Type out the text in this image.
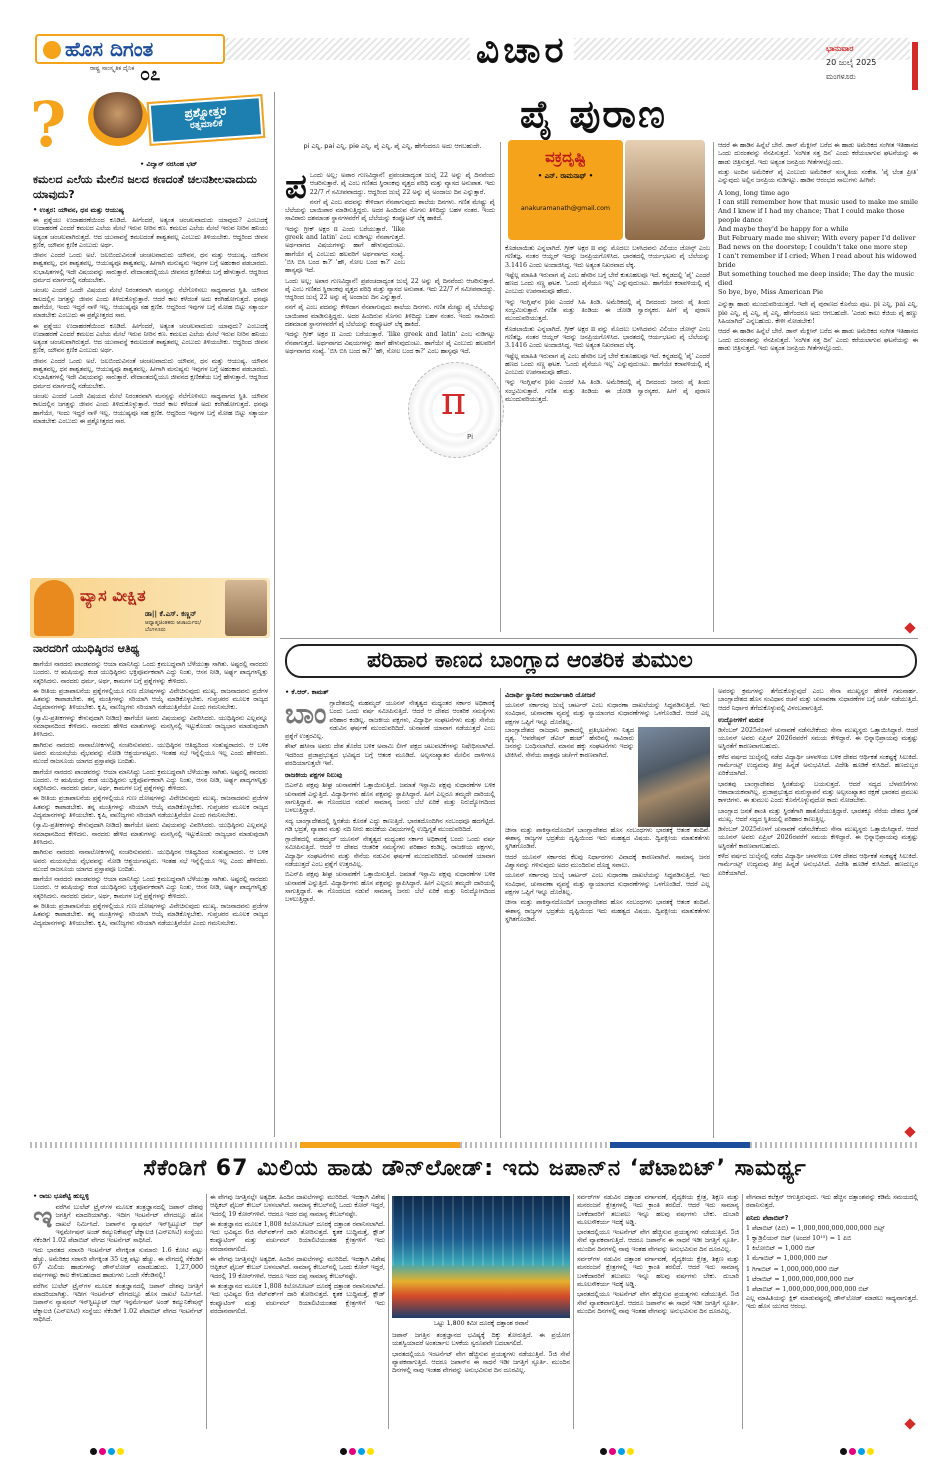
ಹೊಸ ದಿಗಂತ
ರಾಷ್ಟ್ರ ಸಾಂಸ್ಕೃತಿಕ ದೈನಿಕ ೦೭
ವಿಚಾರ	ಭಾನುವಾರ
20 ಜುಲೈ 2025
ಮಂಗಳೂರು
?	ಪ್ರಶ್ನೋತ್ತರ
ರತ್ನಮಾಲಿಕೆ
• ವಿದ್ವಾನ್ ನರಸಿಂಹ ಭಟ್
ಕಮಲದ ಎಲೆಯ ಮೇಲಿನ ಜಲದ ಕಣದಂತೆ ಚಲನಶೀಲವಾದುದು ಯಾವುದು?
• ಉತ್ತರ: ಯೌವನ, ಧನ ಮತ್ತು ಆಯುಷ್ಯ
ಈ ಪ್ರಶ್ನೆಯು ಉದಾಹರಣೆಯಿಂದ ಕೂಡಿದೆ. ಹೀಗೆಂದರೆ, ಅತ್ಯಂತ ಚಂಚಲವಾದುದು ಯಾವುದು? ಎಂಬುದಕ್ಕೆ ಉದಾಹರಣೆ ಎಂದರೆ ಕಮಲದ ಎಲೆಯ ಮೇಲೆ ಇರುವ ನೀರಿನ ಕಣ. ಕಮಲದ ಎಲೆಯ ಮೇಲೆ ಇರುವ ನೀರಿನ ಹನಿಯು ಅತ್ಯಂತ ಚಂಚಲವಾಗಿರುತ್ತದೆ. ಆದ ಯುವಾವಸ್ಥೆ ಕಮಲದಂತೆ ಶಾಶ್ವತವಲ್ಲ ಎಂಬುದು ತಿಳಿಯಬೇಕು. ಆದ್ದರಿಂದ ಜೀವನ ಕ್ಷಣಿಕ, ಯೌವನ ಕ್ಷಣಿಕ ಎಂಬುದು ಅರ್ಥ.
ಜೀವನ ಎಂದರೆ ಒಂದು ಅಲೆ. ಜಲಬಿಂದುವಿನಂತೆ ಚಂಚಲವಾದುದು ಯೌವನ, ಧನ ಮತ್ತು ಆಯುಷ್ಯ. ಯೌವನ ಶಾಶ್ವತವಲ್ಲ, ಧನ ಶಾಶ್ವತವಲ್ಲ, ಆಯುಷ್ಯವೂ ಶಾಶ್ವತವಲ್ಲ. ಹೀಗಾಗಿ ಮನುಷ್ಯನು ಇವುಗಳ ಬಗ್ಗೆ ಅಹಂಕಾರ ಪಡಬಾರದು. ಸುಭಾಷಿತಗಳಲ್ಲಿ ಇದೇ ವಿಷಯವನ್ನು ಸಾರುತ್ತಾರೆ. ವೇದಾಂತದಲ್ಲಿಯೂ ಜೀವನದ ಕ್ಷಣಿಕತೆಯ ಬಗ್ಗೆ ಹೇಳುತ್ತಾರೆ. ಆದ್ದರಿಂದ ಧರ್ಮದ ಮಾರ್ಗದಲ್ಲಿ ನಡೆಯಬೇಕು.
ಚಂಚಲ ಎಂದರೆ ಒಂದೇ ವಿಷಯದ ಮೇಲೆ ನಿರಂತರವಾಗಿ ಮನಸ್ಸನ್ನು ನೆಲೆಗೊಳಿಸಲು ಸಾಧ್ಯವಾಗದ ಸ್ಥಿತಿ. ಯೌವನ ಕಾಲದಲ್ಲಿನ ಜಗತ್ತನ್ನು ಜೀವನ ಎಂದು ತಿಳಿದುಕೊಳ್ಳುತ್ತಾರೆ. ಆದರೆ ಕಾಲ ಕಳೆದಂತೆ ಅದು ಕರಗಿಹೋಗುತ್ತದೆ. ಧನವೂ ಹಾಗೆಯೇ, ಇಂದು ಇದ್ದರೆ ನಾಳೆ ಇಲ್ಲ. ಆಯುಷ್ಯವೂ ಸಹ ಕ್ಷಣಿಕ. ಆದ್ದರಿಂದ ಇವುಗಳ ಬಗ್ಗೆ ಮೋಹ ಬಿಟ್ಟು ಸತ್ಕಾರ್ಯ ಮಾಡಬೇಕು ಎಂಬುದು ಈ ಪ್ರಶ್ನೋತ್ತರದ ಸಾರ.
ಈ ಪ್ರಶ್ನೆಯು ಉದಾಹರಣೆಯಿಂದ ಕೂಡಿದೆ. ಹೀಗೆಂದರೆ, ಅತ್ಯಂತ ಚಂಚಲವಾದುದು ಯಾವುದು? ಎಂಬುದಕ್ಕೆ ಉದಾಹರಣೆ ಎಂದರೆ ಕಮಲದ ಎಲೆಯ ಮೇಲೆ ಇರುವ ನೀರಿನ ಕಣ. ಕಮಲದ ಎಲೆಯ ಮೇಲೆ ಇರುವ ನೀರಿನ ಹನಿಯು ಅತ್ಯಂತ ಚಂಚಲವಾಗಿರುತ್ತದೆ. ಆದ ಯುವಾವಸ್ಥೆ ಕಮಲದಂತೆ ಶಾಶ್ವತವಲ್ಲ ಎಂಬುದು ತಿಳಿಯಬೇಕು. ಆದ್ದರಿಂದ ಜೀವನ ಕ್ಷಣಿಕ, ಯೌವನ ಕ್ಷಣಿಕ ಎಂಬುದು ಅರ್ಥ.
ಜೀವನ ಎಂದರೆ ಒಂದು ಅಲೆ. ಜಲಬಿಂದುವಿನಂತೆ ಚಂಚಲವಾದುದು ಯೌವನ, ಧನ ಮತ್ತು ಆಯುಷ್ಯ. ಯೌವನ ಶಾಶ್ವತವಲ್ಲ, ಧನ ಶಾಶ್ವತವಲ್ಲ, ಆಯುಷ್ಯವೂ ಶಾಶ್ವತವಲ್ಲ. ಹೀಗಾಗಿ ಮನುಷ್ಯನು ಇವುಗಳ ಬಗ್ಗೆ ಅಹಂಕಾರ ಪಡಬಾರದು. ಸುಭಾಷಿತಗಳಲ್ಲಿ ಇದೇ ವಿಷಯವನ್ನು ಸಾರುತ್ತಾರೆ. ವೇದಾಂತದಲ್ಲಿಯೂ ಜೀವನದ ಕ್ಷಣಿಕತೆಯ ಬಗ್ಗೆ ಹೇಳುತ್ತಾರೆ. ಆದ್ದರಿಂದ ಧರ್ಮದ ಮಾರ್ಗದಲ್ಲಿ ನಡೆಯಬೇಕು.
ಚಂಚಲ ಎಂದರೆ ಒಂದೇ ವಿಷಯದ ಮೇಲೆ ನಿರಂತರವಾಗಿ ಮನಸ್ಸನ್ನು ನೆಲೆಗೊಳಿಸಲು ಸಾಧ್ಯವಾಗದ ಸ್ಥಿತಿ. ಯೌವನ ಕಾಲದಲ್ಲಿನ ಜಗತ್ತನ್ನು ಜೀವನ ಎಂದು ತಿಳಿದುಕೊಳ್ಳುತ್ತಾರೆ. ಆದರೆ ಕಾಲ ಕಳೆದಂತೆ ಅದು ಕರಗಿಹೋಗುತ್ತದೆ. ಧನವೂ ಹಾಗೆಯೇ, ಇಂದು ಇದ್ದರೆ ನಾಳೆ ಇಲ್ಲ. ಆಯುಷ್ಯವೂ ಸಹ ಕ್ಷಣಿಕ. ಆದ್ದರಿಂದ ಇವುಗಳ ಬಗ್ಗೆ ಮೋಹ ಬಿಟ್ಟು ಸತ್ಕಾರ್ಯ ಮಾಡಬೇಕು ಎಂಬುದು ಈ ಪ್ರಶ್ನೋತ್ತರದ ಸಾರ.
ವ್ಯಾಸ ವೀಕ್ಷಿತ
ಡಾ|| ಕೆ.ಎಸ್. ಕಣ್ಣನ್
ಆಧ್ಯಾತ್ಮಚಿಂತಕರು ಆಚಾರ್ಯರು/ಬೆಂಗಳೂರು
ನಾರದರಿಗೆ ಯುಧಿಷ್ಠಿರನ ಆತಿಥ್ಯ
ಹಾಗೆಯೇ ನಾರದರು ಪಾಂಡವರನ್ನು ಆಯಾ ಮಾನಿಸಿದ್ದು ಒಂದು ಕ್ರಮಬದ್ಧವಾಗಿ ಬೆಳೆಯುತ್ತಾ ಸಾಗಿತು. ಅಷ್ಟರಲ್ಲಿ ನಾರದರು ಬಂದರು. ಆ ಋಷಿಯನ್ನು ಕಂಡ ಯುಧಿಷ್ಠಿರನು ಭಕ್ತಿಪೂರ್ವಕವಾಗಿ ಎದ್ದು ನಿಂತು, ಆಸನ ನೀಡಿ, ಅರ್ಘ್ಯ ಪಾದ್ಯಗಳನ್ನಿತ್ತು ಸತ್ಕರಿಸಿದನು. ನಾರದರು ಧರ್ಮ, ಅರ್ಥ, ಕಾಮಗಳ ಬಗ್ಗೆ ಪ್ರಶ್ನೆಗಳನ್ನು ಕೇಳಿದರು.
ಈ ರೀತಿಯ ಪ್ರಜಾಪಾಲನೆಯ ಪ್ರಶ್ನೆಗಳಲ್ಲಿಯೂ ಗುಣ ದೋಷಗಳನ್ನು ವಿವೇಚಿಸುವುದು ಮುಖ್ಯ. ರಾಜನಾದವನು ಪ್ರಜೆಗಳ ಹಿತವನ್ನು ಕಾಪಾಡಬೇಕು. ತನ್ನ ಮಂತ್ರಿಗಳನ್ನು ಸರಿಯಾಗಿ ಆಯ್ಕೆ ಮಾಡಿಕೊಳ್ಳಬೇಕು. ಗುಪ್ತಚರರ ಮೂಲಕ ರಾಜ್ಯದ ವಿದ್ಯಮಾನಗಳನ್ನು ತಿಳಿಯಬೇಕು. ಕೃಷಿ, ವಾಣಿಜ್ಯಗಳು ಸರಿಯಾಗಿ ನಡೆಯುತ್ತಿವೆಯೇ ಎಂದು ಗಮನಿಸಬೇಕು.
(ಸ್ವಾಮಿ-ಪ್ರತೀಕಗಳನ್ನು ಕೇಳುವುದಾಗಿ ನೀಡಿದ) ಹಾಗೆಯೇ ಅವರು ವಿಷಯವನ್ನು ವಿವರಿಸಿದರು. ಯುಧಿಷ್ಠಿರನು ಎಲ್ಲವನ್ನೂ ಸಮಾಧಾನದಿಂದ ಕೇಳಿದನು. ನಾರದರು ಹೇಳಿದ ಮಾತುಗಳನ್ನು ಮನಸ್ಸಿನಲ್ಲಿ ಇಟ್ಟುಕೊಂಡು ರಾಜ್ಯಭಾರ ಮಾಡುವುದಾಗಿ ತಿಳಿಸಿದನು.
ಹಾಗಿರುವ ನಾರದರು ನಾನಾಲೋಕಗಳಲ್ಲಿ ಸಂಚರಿಸುವವರು. ಯುಧಿಷ್ಠಿರನ ಆತಿಥ್ಯದಿಂದ ಸಂತುಷ್ಟರಾದರು. ಆ ಬಳಿಕ ಅವರು ಮಯಸಭೆಯ ವೈಭವವನ್ನು ನೋಡಿ ಆಶ್ಚರ್ಯಪಟ್ಟರು. ಇಂತಹ ಸಭೆ ಇನ್ನೆಲ್ಲಿಯೂ ಇಲ್ಲ ಎಂದು ಹೇಳಿದರು. ಮುಂದೆ ರಾಜಸೂಯ ಯಾಗದ ಪ್ರಸ್ತಾಪವೂ ಬಂದಿತು.
ಹಾಗೆಯೇ ನಾರದರು ಪಾಂಡವರನ್ನು ಆಯಾ ಮಾನಿಸಿದ್ದು ಒಂದು ಕ್ರಮಬದ್ಧವಾಗಿ ಬೆಳೆಯುತ್ತಾ ಸಾಗಿತು. ಅಷ್ಟರಲ್ಲಿ ನಾರದರು ಬಂದರು. ಆ ಋಷಿಯನ್ನು ಕಂಡ ಯುಧಿಷ್ಠಿರನು ಭಕ್ತಿಪೂರ್ವಕವಾಗಿ ಎದ್ದು ನಿಂತು, ಆಸನ ನೀಡಿ, ಅರ್ಘ್ಯ ಪಾದ್ಯಗಳನ್ನಿತ್ತು ಸತ್ಕರಿಸಿದನು. ನಾರದರು ಧರ್ಮ, ಅರ್ಥ, ಕಾಮಗಳ ಬಗ್ಗೆ ಪ್ರಶ್ನೆಗಳನ್ನು ಕೇಳಿದರು.
ಈ ರೀತಿಯ ಪ್ರಜಾಪಾಲನೆಯ ಪ್ರಶ್ನೆಗಳಲ್ಲಿಯೂ ಗುಣ ದೋಷಗಳನ್ನು ವಿವೇಚಿಸುವುದು ಮುಖ್ಯ. ರಾಜನಾದವನು ಪ್ರಜೆಗಳ ಹಿತವನ್ನು ಕಾಪಾಡಬೇಕು. ತನ್ನ ಮಂತ್ರಿಗಳನ್ನು ಸರಿಯಾಗಿ ಆಯ್ಕೆ ಮಾಡಿಕೊಳ್ಳಬೇಕು. ಗುಪ್ತಚರರ ಮೂಲಕ ರಾಜ್ಯದ ವಿದ್ಯಮಾನಗಳನ್ನು ತಿಳಿಯಬೇಕು. ಕೃಷಿ, ವಾಣಿಜ್ಯಗಳು ಸರಿಯಾಗಿ ನಡೆಯುತ್ತಿವೆಯೇ ಎಂದು ಗಮನಿಸಬೇಕು.
(ಸ್ವಾಮಿ-ಪ್ರತೀಕಗಳನ್ನು ಕೇಳುವುದಾಗಿ ನೀಡಿದ) ಹಾಗೆಯೇ ಅವರು ವಿಷಯವನ್ನು ವಿವರಿಸಿದರು. ಯುಧಿಷ್ಠಿರನು ಎಲ್ಲವನ್ನೂ ಸಮಾಧಾನದಿಂದ ಕೇಳಿದನು. ನಾರದರು ಹೇಳಿದ ಮಾತುಗಳನ್ನು ಮನಸ್ಸಿನಲ್ಲಿ ಇಟ್ಟುಕೊಂಡು ರಾಜ್ಯಭಾರ ಮಾಡುವುದಾಗಿ ತಿಳಿಸಿದನು.
ಹಾಗಿರುವ ನಾರದರು ನಾನಾಲೋಕಗಳಲ್ಲಿ ಸಂಚರಿಸುವವರು. ಯುಧಿಷ್ಠಿರನ ಆತಿಥ್ಯದಿಂದ ಸಂತುಷ್ಟರಾದರು. ಆ ಬಳಿಕ ಅವರು ಮಯಸಭೆಯ ವೈಭವವನ್ನು ನೋಡಿ ಆಶ್ಚರ್ಯಪಟ್ಟರು. ಇಂತಹ ಸಭೆ ಇನ್ನೆಲ್ಲಿಯೂ ಇಲ್ಲ ಎಂದು ಹೇಳಿದರು. ಮುಂದೆ ರಾಜಸೂಯ ಯಾಗದ ಪ್ರಸ್ತಾಪವೂ ಬಂದಿತು.
ಹಾಗೆಯೇ ನಾರದರು ಪಾಂಡವರನ್ನು ಆಯಾ ಮಾನಿಸಿದ್ದು ಒಂದು ಕ್ರಮಬದ್ಧವಾಗಿ ಬೆಳೆಯುತ್ತಾ ಸಾಗಿತು. ಅಷ್ಟರಲ್ಲಿ ನಾರದರು ಬಂದರು. ಆ ಋಷಿಯನ್ನು ಕಂಡ ಯುಧಿಷ್ಠಿರನು ಭಕ್ತಿಪೂರ್ವಕವಾಗಿ ಎದ್ದು ನಿಂತು, ಆಸನ ನೀಡಿ, ಅರ್ಘ್ಯ ಪಾದ್ಯಗಳನ್ನಿತ್ತು ಸತ್ಕರಿಸಿದನು. ನಾರದರು ಧರ್ಮ, ಅರ್ಥ, ಕಾಮಗಳ ಬಗ್ಗೆ ಪ್ರಶ್ನೆಗಳನ್ನು ಕೇಳಿದರು.
ಈ ರೀತಿಯ ಪ್ರಜಾಪಾಲನೆಯ ಪ್ರಶ್ನೆಗಳಲ್ಲಿಯೂ ಗುಣ ದೋಷಗಳನ್ನು ವಿವೇಚಿಸುವುದು ಮುಖ್ಯ. ರಾಜನಾದವನು ಪ್ರಜೆಗಳ ಹಿತವನ್ನು ಕಾಪಾಡಬೇಕು. ತನ್ನ ಮಂತ್ರಿಗಳನ್ನು ಸರಿಯಾಗಿ ಆಯ್ಕೆ ಮಾಡಿಕೊಳ್ಳಬೇಕು. ಗುಪ್ತಚರರ ಮೂಲಕ ರಾಜ್ಯದ ವಿದ್ಯಮಾನಗಳನ್ನು ತಿಳಿಯಬೇಕು. ಕೃಷಿ, ವಾಣಿಜ್ಯಗಳು ಸರಿಯಾಗಿ ನಡೆಯುತ್ತಿವೆಯೇ ಎಂದು ಗಮನಿಸಬೇಕು.
ಪೈ ಪುರಾಣ
pi ಎನ್ನಿ, pai ಎನ್ನಿ, pie ಎನ್ನಿ, ಪೈ ಎನ್ನಿ, ಪೈ ಎನ್ನಿ, ಹೇಗೆಂದರೂ ಅದು ಆಗಬಹುದೇ.
ವಕ್ರದೃಷ್ಟಿ
• ಎನ್. ರಾಮನಾಥ್ •
anakuramanath@gmail.com
ಪ ಒಂದು ಅಲ್ಲ; ಅಪಾರ ಗುಣವಿದ್ದಾನೆ! ಪ್ರಪಂಚದಾದ್ಯಂತ ಜುಲೈ 22 ಅನ್ನು ಪೈ ದಿನವೆಂದು ಆಚರಿಸುತ್ತಾರೆ. ಪೈ ಎಂಬ ಗಣಿತದ ಸ್ಥಿರಾಂಕವು ವೃತ್ತದ ಪರಿಧಿ ಮತ್ತು ವ್ಯಾಸದ ಅನುಪಾತ. ಇದು 22/7 ಗೆ ಸಮೀಪವಾದದ್ದು. ಆದ್ದರಿಂದ ಜುಲೈ 22 ಅನ್ನು ಪೈ ಅಂದಾಜು ದಿನ ಎನ್ನುತ್ತಾರೆ.
ನನಗೆ ಪೈ ಎಂಬ ಪದವನ್ನು ಕೇಳಿದಾಗ ನೆನಪಾಗುವುದು ಶಾಲೆಯ ದಿನಗಳು. ಗಣಿತ ಮೇಷ್ಟ್ರು ಪೈ ಬೆಲೆಯನ್ನು ಬಾಯಿಪಾಠ ಮಾಡಿಸುತ್ತಿದ್ದರು. ಅದರ ಹಿಂದಿರುವ ಸೊಗಸು ತಿಳಿದಿದ್ದು ಬಹಳ ನಂತರ. ಇಂದು ಸಾವಿರಾರು ದಶಮಾಂಶ ಸ್ಥಾನಗಳವರೆಗೆ ಪೈ ಬೆಲೆಯನ್ನು ಕಂಪ್ಯೂಟರ್ ಲೆಕ್ಕ ಹಾಕಿದೆ.
ಇದನ್ನು ಗ್ರೀಕ್ ಅಕ್ಷರ π ಎಂದು ಬರೆಯುತ್ತಾರೆ. 'like greek and latin' ಎಂಬ ನುಡಿಗಟ್ಟು ನೆನಪಾಗುತ್ತದೆ. ಅರ್ಥವಾಗದ ವಿಷಯಗಳನ್ನು ಹಾಗೆ ಹೇಳುವುದುಂಟು. ಹಾಗೆಯೇ ಪೈ ಎಂಬುದು ಹಲವರಿಗೆ ಅರ್ಥವಾಗದ ಸಂಖ್ಯೆ. 'ಬಿಸಿ ಬಿಸಿ ಬಂದ ಕಾ?' 'ಹೌ, ಸೋಲ ಬಂದ ಕಾ?' ಎಂಬ ಹಾಸ್ಯವೂ ಇದೆ.
ಒಂದು ಅಲ್ಲ; ಅಪಾರ ಗುಣವಿದ್ದಾನೆ! ಪ್ರಪಂಚದಾದ್ಯಂತ ಜುಲೈ 22 ಅನ್ನು ಪೈ ದಿನವೆಂದು ಆಚರಿಸುತ್ತಾರೆ. ಪೈ ಎಂಬ ಗಣಿತದ ಸ್ಥಿರಾಂಕವು ವೃತ್ತದ ಪರಿಧಿ ಮತ್ತು ವ್ಯಾಸದ ಅನುಪಾತ. ಇದು 22/7 ಗೆ ಸಮೀಪವಾದದ್ದು. ಆದ್ದರಿಂದ ಜುಲೈ 22 ಅನ್ನು ಪೈ ಅಂದಾಜು ದಿನ ಎನ್ನುತ್ತಾರೆ.
ನನಗೆ ಪೈ ಎಂಬ ಪದವನ್ನು ಕೇಳಿದಾಗ ನೆನಪಾಗುವುದು ಶಾಲೆಯ ದಿನಗಳು. ಗಣಿತ ಮೇಷ್ಟ್ರು ಪೈ ಬೆಲೆಯನ್ನು ಬಾಯಿಪಾಠ ಮಾಡಿಸುತ್ತಿದ್ದರು. ಅದರ ಹಿಂದಿರುವ ಸೊಗಸು ತಿಳಿದಿದ್ದು ಬಹಳ ನಂತರ. ಇಂದು ಸಾವಿರಾರು ದಶಮಾಂಶ ಸ್ಥಾನಗಳವರೆಗೆ ಪೈ ಬೆಲೆಯನ್ನು ಕಂಪ್ಯೂಟರ್ ಲೆಕ್ಕ ಹಾಕಿದೆ.
ಇದನ್ನು ಗ್ರೀಕ್ ಅಕ್ಷರ π ಎಂದು ಬರೆಯುತ್ತಾರೆ. 'like greek and latin' ಎಂಬ ನುಡಿಗಟ್ಟು ನೆನಪಾಗುತ್ತದೆ. ಅರ್ಥವಾಗದ ವಿಷಯಗಳನ್ನು ಹಾಗೆ ಹೇಳುವುದುಂಟು. ಹಾಗೆಯೇ ಪೈ ಎಂಬುದು ಹಲವರಿಗೆ ಅರ್ಥವಾಗದ ಸಂಖ್ಯೆ. 'ಬಿಸಿ ಬಿಸಿ ಬಂದ ಕಾ?' 'ಹೌ, ಸೋಲ ಬಂದ ಕಾ?' ಎಂಬ ಹಾಸ್ಯವೂ ಇದೆ.
π
Pi
ಕೊಡಲಾಯಿತು ಎನ್ನಲಾಗಿದೆ. ಗ್ರೀಕ್ ಅಕ್ಷರ π ವನ್ನು ಮೊದಲು ಬಳಸಿದವನು ವಿಲಿಯಂ ಜೋನ್ಸ್ ಎಂಬ ಗಣಿತಜ್ಞ. ನಂತರ ಆಯ್ಲರ್ ಇದನ್ನು ಜನಪ್ರಿಯಗೊಳಿಸಿದ. ಭಾರತದಲ್ಲಿ ಆರ್ಯಭಟನು ಪೈ ಬೆಲೆಯನ್ನು 3.1416 ಎಂದು ಅಂದಾಜಿಸಿದ್ದ. ಇದು ಅತ್ಯಂತ ನಿಖರವಾದ ಲೆಕ್ಕ.
ಇಷ್ಟೆಲ್ಲ ಮಾಹಿತಿ ಇರುವಾಗ ಪೈ ಎಂಬ ಹೆಸರಿನ ಬಗ್ಗೆ ಬೇರೆ ಕುತೂಹಲವೂ ಇದೆ. ಕನ್ನಡದಲ್ಲಿ 'ಪೈ' ಎಂದರೆ ಹಣದ ಒಂದು ಸಣ್ಣ ಘಟಕ. 'ಒಂದು ಪೈಸೆಯೂ ಇಲ್ಲ' ಎನ್ನುವುದುಂಟು. ಹಾಗೆಯೇ ಕರಾವಳಿಯಲ್ಲಿ ಪೈ ಎಂಬುದು ಉಪನಾಮವೂ ಹೌದು.
ಇನ್ನು ಇಂಗ್ಲಿಷ್‌ನ pie ಎಂದರೆ ಸಿಹಿ ತಿಂಡಿ. ಅಮೆರಿಕದಲ್ಲಿ ಪೈ ದಿನದಂದು ಜನರು ಪೈ ತಿಂದು ಸಂಭ್ರಮಿಸುತ್ತಾರೆ. ಗಣಿತ ಮತ್ತು ತಿಂಡಿಯ ಈ ಜೋಡಿ ಸ್ವಾರಸ್ಯಕರ. ಹೀಗೆ ಪೈ ಪುರಾಣ ಮುಂದುವರಿಯುತ್ತದೆ.
ಕೊಡಲಾಯಿತು ಎನ್ನಲಾಗಿದೆ. ಗ್ರೀಕ್ ಅಕ್ಷರ π ವನ್ನು ಮೊದಲು ಬಳಸಿದವನು ವಿಲಿಯಂ ಜೋನ್ಸ್ ಎಂಬ ಗಣಿತಜ್ಞ. ನಂತರ ಆಯ್ಲರ್ ಇದನ್ನು ಜನಪ್ರಿಯಗೊಳಿಸಿದ. ಭಾರತದಲ್ಲಿ ಆರ್ಯಭಟನು ಪೈ ಬೆಲೆಯನ್ನು 3.1416 ಎಂದು ಅಂದಾಜಿಸಿದ್ದ. ಇದು ಅತ್ಯಂತ ನಿಖರವಾದ ಲೆಕ್ಕ.
ಇಷ್ಟೆಲ್ಲ ಮಾಹಿತಿ ಇರುವಾಗ ಪೈ ಎಂಬ ಹೆಸರಿನ ಬಗ್ಗೆ ಬೇರೆ ಕುತೂಹಲವೂ ಇದೆ. ಕನ್ನಡದಲ್ಲಿ 'ಪೈ' ಎಂದರೆ ಹಣದ ಒಂದು ಸಣ್ಣ ಘಟಕ. 'ಒಂದು ಪೈಸೆಯೂ ಇಲ್ಲ' ಎನ್ನುವುದುಂಟು. ಹಾಗೆಯೇ ಕರಾವಳಿಯಲ್ಲಿ ಪೈ ಎಂಬುದು ಉಪನಾಮವೂ ಹೌದು.
ಇನ್ನು ಇಂಗ್ಲಿಷ್‌ನ pie ಎಂದರೆ ಸಿಹಿ ತಿಂಡಿ. ಅಮೆರಿಕದಲ್ಲಿ ಪೈ ದಿನದಂದು ಜನರು ಪೈ ತಿಂದು ಸಂಭ್ರಮಿಸುತ್ತಾರೆ. ಗಣಿತ ಮತ್ತು ತಿಂಡಿಯ ಈ ಜೋಡಿ ಸ್ವಾರಸ್ಯಕರ. ಹೀಗೆ ಪೈ ಪುರಾಣ ಮುಂದುವರಿಯುತ್ತದೆ.
ಆದರೆ ಈ ಹಾಡಿನ ಹಿನ್ನೆಲೆ ಬೇರೆ. ಡಾನ್ ಮೆಕ್ಲೀನ್ ಬರೆದ ಈ ಹಾಡು ಅಮೆರಿಕದ ಸಂಗೀತ ಇತಿಹಾಸದ ಒಂದು ದುರಂತವನ್ನು ನೆನಪಿಸುತ್ತದೆ. 'ಸಂಗೀತ ಸತ್ತ ದಿನ' ಎಂದು ಕರೆಯಲಾಗುವ ಘಟನೆಯನ್ನು ಈ ಹಾಡು ಚಿತ್ರಿಸುತ್ತದೆ. ಇದು ಅತ್ಯಂತ ಜನಪ್ರಿಯ ಗೀತೆಗಳಲ್ಲೊಂದು.
ಮತ್ತು ಅಂದಿನ ಅಮೆರಿಕನ್ ಪೈ ಎಂಬುದು ಅಮೆರಿಕನ್ ಸಂಸ್ಕೃತಿಯ ಸಂಕೇತ. 'ಪೈ ಬೆಂತ ಪ್ರೀತಿ' ಎನ್ನುವುದು ಅಲ್ಲಿನ ಜನಪ್ರಿಯ ನುಡಿಗಟ್ಟು. ಹಾಡಿನ ಆರಂಭದ ಸಾಲುಗಳು ಹೀಗಿವೆ:
A long, long time ago
I can still remember how that music used to make me smile
And I knew if I had my chance; That I could make those people dance
And maybe they'd be happy for a while
But February made me shiver; With every paper I'd deliver
Bad news on the doorstep; I couldn't take one more step
I can't remember if I cried; When I read about his widowed bride
But something touched me deep inside; The day the music died
So bye, bye, Miss American Pie
ಎನ್ನುತ್ತಾ ಹಾಡು ಮುಂದುವರಿಯುತ್ತದೆ. ಇದೇ ಪೈ ಪುರಾಣದ ಕೊನೆಯ ಪುಟ. pi ಎನ್ನಿ, pai ಎನ್ನಿ, pie ಎನ್ನಿ, ಪೈ ಎನ್ನಿ, ಪೈ ಎನ್ನಿ, ಹೇಗೆಂದರೂ ಅದು ಆಗಬಹುದೇ. 'ಎರಡು ಕಾಲು ಕೆಜಿಯ ಪೈ ಹಣ್ಣು ಸಿಹಿಯಾಗಿದೆ' ಎನ್ನಬಹುದು. ಕೇಳೀ ನೋಡಬೇಕು!
ಆದರೆ ಈ ಹಾಡಿನ ಹಿನ್ನೆಲೆ ಬೇರೆ. ಡಾನ್ ಮೆಕ್ಲೀನ್ ಬರೆದ ಈ ಹಾಡು ಅಮೆರಿಕದ ಸಂಗೀತ ಇತಿಹಾಸದ ಒಂದು ದುರಂತವನ್ನು ನೆನಪಿಸುತ್ತದೆ. 'ಸಂಗೀತ ಸತ್ತ ದಿನ' ಎಂದು ಕರೆಯಲಾಗುವ ಘಟನೆಯನ್ನು ಈ ಹಾಡು ಚಿತ್ರಿಸುತ್ತದೆ. ಇದು ಅತ್ಯಂತ ಜನಪ್ರಿಯ ಗೀತೆಗಳಲ್ಲೊಂದು.
ಪರಿಹಾರ ಕಾಣದ ಬಾಂಗ್ಲಾದ ಆಂತರಿಕ ತುಮುಲ
• ಕೆ.ಆರ್. ಕಾಮತ್
ಬಾಂ ಗ್ಲಾದೇಶದಲ್ಲಿ ಮಹಮ್ಮದ್ ಯೂನಸ್ ನೇತೃತ್ವದ ಮಧ್ಯಂತರ ಸರ್ಕಾರ ಅಧಿಕಾರಕ್ಕೆ ಬಂದು ಒಂದು ವರ್ಷ ಸಮೀಪಿಸುತ್ತಿದೆ. ಆದರೆ ಆ ದೇಶದ ಆಂತರಿಕ ಸಮಸ್ಯೆಗಳು ಪರಿಹಾರ ಕಂಡಿಲ್ಲ. ರಾಜಕೀಯ ಪಕ್ಷಗಳು, ವಿದ್ಯಾರ್ಥಿ ಸಂಘಟನೆಗಳು ಮತ್ತು ಸೇನೆಯ ನಡುವಿನ ಘರ್ಷಣೆ ಮುಂದುವರಿದಿದೆ. ಚುನಾವಣೆ ಯಾವಾಗ ನಡೆಯುತ್ತದೆ ಎಂಬ ಪ್ರಶ್ನೆಗೆ ಉತ್ತರವಿಲ್ಲ.
ಶೇಖ್ ಹಸೀನಾ ಅವರು ದೇಶ ತೊರೆದ ಬಳಿಕ ಅವಾಮಿ ಲೀಗ್ ಪಕ್ಷದ ಚಟುವಟಿಕೆಗಳನ್ನು ನಿಷೇಧಿಸಲಾಗಿದೆ. ಇದರಿಂದ ಪ್ರಜಾಪ್ರಭುತ್ವದ ಭವಿಷ್ಯದ ಬಗ್ಗೆ ಆತಂಕ ಮೂಡಿದೆ. ಅಲ್ಪಸಂಖ್ಯಾತರ ಮೇಲಿನ ದಾಳಿಗಳೂ ವರದಿಯಾಗುತ್ತಲೇ ಇವೆ.
ರಾಜಕೀಯ ಪಕ್ಷಗಳ ನಿಲುವು
ಬಿಎನ್‌ಪಿ ಪಕ್ಷವು ಶೀಘ್ರ ಚುನಾವಣೆಗೆ ಒತ್ತಾಯಿಸುತ್ತಿದೆ. ಜಮಾತೆ ಇಸ್ಲಾಮಿ ಪಕ್ಷವು ಸುಧಾರಣೆಗಳ ಬಳಿಕ ಚುನಾವಣೆ ಎನ್ನುತ್ತಿದೆ. ವಿದ್ಯಾರ್ಥಿಗಳು ಹೊಸ ಪಕ್ಷವನ್ನು ಸ್ಥಾಪಿಸಿದ್ದಾರೆ. ಹೀಗೆ ಎಲ್ಲರೂ ತಮ್ಮದೇ ದಾರಿಯಲ್ಲಿ ಸಾಗುತ್ತಿದ್ದಾರೆ. ಈ ಗೊಂದಲದ ನಡುವೆ ಸಾಮಾನ್ಯ ಜನರು ಬೆಲೆ ಏರಿಕೆ ಮತ್ತು ನಿರುದ್ಯೋಗದಿಂದ ಬಳಲುತ್ತಿದ್ದಾರೆ.
ಸದ್ಯ ಬಾಂಗ್ಲಾದೇಶದಲ್ಲಿ ಸ್ಥಿರತೆಯ ಕೊರತೆ ಎದ್ದು ಕಾಣುತ್ತಿದೆ. ಭಾರತದೊಂದಿಗಿನ ಸಂಬಂಧವೂ ಹದಗೆಟ್ಟಿದೆ. ಗಡಿ ಭದ್ರತೆ, ವ್ಯಾಪಾರ ಮತ್ತು ನದಿ ನೀರು ಹಂಚಿಕೆಯ ವಿಷಯಗಳಲ್ಲಿ ಉದ್ವಿಗ್ನತೆ ಮುಂದುವರಿದಿದೆ.
ಗ್ಲಾದೇಶದಲ್ಲಿ ಮಹಮ್ಮದ್ ಯೂನಸ್ ನೇತೃತ್ವದ ಮಧ್ಯಂತರ ಸರ್ಕಾರ ಅಧಿಕಾರಕ್ಕೆ ಬಂದು ಒಂದು ವರ್ಷ ಸಮೀಪಿಸುತ್ತಿದೆ. ಆದರೆ ಆ ದೇಶದ ಆಂತರಿಕ ಸಮಸ್ಯೆಗಳು ಪರಿಹಾರ ಕಂಡಿಲ್ಲ. ರಾಜಕೀಯ ಪಕ್ಷಗಳು, ವಿದ್ಯಾರ್ಥಿ ಸಂಘಟನೆಗಳು ಮತ್ತು ಸೇನೆಯ ನಡುವಿನ ಘರ್ಷಣೆ ಮುಂದುವರಿದಿದೆ. ಚುನಾವಣೆ ಯಾವಾಗ ನಡೆಯುತ್ತದೆ ಎಂಬ ಪ್ರಶ್ನೆಗೆ ಉತ್ತರವಿಲ್ಲ.
ಬಿಎನ್‌ಪಿ ಪಕ್ಷವು ಶೀಘ್ರ ಚುನಾವಣೆಗೆ ಒತ್ತಾಯಿಸುತ್ತಿದೆ. ಜಮಾತೆ ಇಸ್ಲಾಮಿ ಪಕ್ಷವು ಸುಧಾರಣೆಗಳ ಬಳಿಕ ಚುನಾವಣೆ ಎನ್ನುತ್ತಿದೆ. ವಿದ್ಯಾರ್ಥಿಗಳು ಹೊಸ ಪಕ್ಷವನ್ನು ಸ್ಥಾಪಿಸಿದ್ದಾರೆ. ಹೀಗೆ ಎಲ್ಲರೂ ತಮ್ಮದೇ ದಾರಿಯಲ್ಲಿ ಸಾಗುತ್ತಿದ್ದಾರೆ. ಈ ಗೊಂದಲದ ನಡುವೆ ಸಾಮಾನ್ಯ ಜನರು ಬೆಲೆ ಏರಿಕೆ ಮತ್ತು ನಿರುದ್ಯೋಗದಿಂದ ಬಳಲುತ್ತಿದ್ದಾರೆ.
ವಿದಾರ್ಥಿ ಸ್ಥಾನಿಕರ ಕಾರ್ಯಾಚಾರಿ ಯೋಜನೆ
ಯೂನಸ್ ಸರ್ಕಾರವು ಜುಲೈ ಚಾರ್ಟರ್ ಎಂಬ ಸುಧಾರಣಾ ದಾಖಲೆಯನ್ನು ಸಿದ್ಧಪಡಿಸುತ್ತಿದೆ. ಇದು ಸಂವಿಧಾನ, ಚುನಾವಣಾ ವ್ಯವಸ್ಥೆ ಮತ್ತು ನ್ಯಾಯಾಂಗದ ಸುಧಾರಣೆಗಳನ್ನು ಒಳಗೊಂಡಿದೆ. ಆದರೆ ಎಲ್ಲ ಪಕ್ಷಗಳ ಒಪ್ಪಿಗೆ ಇನ್ನೂ ದೊರೆತಿಲ್ಲ.
ಬಾಂಗ್ಲಾದೇಶದ ರಾಜಧಾನಿ ಢಾಕಾದಲ್ಲಿ ಪ್ರತಿಭಟನೆಗಳು ನಿತ್ಯದ ದೃಶ್ಯ. 'ಆಪರೇಷನ್ ಡೆವಿಲ್ ಹಂಟ್' ಹೆಸರಿನಲ್ಲಿ ಸಾವಿರಾರು ಜನರನ್ನು ಬಂಧಿಸಲಾಗಿದೆ. ಮಾನವ ಹಕ್ಕು ಸಂಘಟನೆಗಳು ಇದನ್ನು ಟೀಕಿಸಿವೆ. ಸೇನೆಯ ಪಾತ್ರವೂ ಚರ್ಚೆಗೆ ಕಾರಣವಾಗಿದೆ.
ಚೀನಾ ಮತ್ತು ಪಾಕಿಸ್ತಾನದೊಂದಿಗೆ ಬಾಂಗ್ಲಾದೇಶದ ಹೊಸ ಸಂಬಂಧಗಳು ಭಾರತಕ್ಕೆ ಆತಂಕ ತಂದಿವೆ. ಈಶಾನ್ಯ ರಾಜ್ಯಗಳ ಭದ್ರತೆಯ ದೃಷ್ಟಿಯಿಂದ ಇದು ಮಹತ್ವದ ವಿಷಯ. ದ್ವಿಪಕ್ಷೀಯ ಮಾತುಕತೆಗಳು ಸ್ಥಗಿತಗೊಂಡಿವೆ.
ಆದರೆ ಯೂನಸ್ ಸರ್ಕಾರದ ಕೆಲವು ನಿರ್ಧಾರಗಳು ವಿವಾದಕ್ಕೆ ಕಾರಣವಾಗಿವೆ. ಸಾಮಾನ್ಯ ಜನರ ವಿಶ್ವಾಸವನ್ನು ಗಳಿಸುವುದು ಅದರ ಮುಂದಿರುವ ದೊಡ್ಡ ಸವಾಲು.
ಯೂನಸ್ ಸರ್ಕಾರವು ಜುಲೈ ಚಾರ್ಟರ್ ಎಂಬ ಸುಧಾರಣಾ ದಾಖಲೆಯನ್ನು ಸಿದ್ಧಪಡಿಸುತ್ತಿದೆ. ಇದು ಸಂವಿಧಾನ, ಚುನಾವಣಾ ವ್ಯವಸ್ಥೆ ಮತ್ತು ನ್ಯಾಯಾಂಗದ ಸುಧಾರಣೆಗಳನ್ನು ಒಳಗೊಂಡಿದೆ. ಆದರೆ ಎಲ್ಲ ಪಕ್ಷಗಳ ಒಪ್ಪಿಗೆ ಇನ್ನೂ ದೊರೆತಿಲ್ಲ.
ಚೀನಾ ಮತ್ತು ಪಾಕಿಸ್ತಾನದೊಂದಿಗೆ ಬಾಂಗ್ಲಾದೇಶದ ಹೊಸ ಸಂಬಂಧಗಳು ಭಾರತಕ್ಕೆ ಆತಂಕ ತಂದಿವೆ. ಈಶಾನ್ಯ ರಾಜ್ಯಗಳ ಭದ್ರತೆಯ ದೃಷ್ಟಿಯಿಂದ ಇದು ಮಹತ್ವದ ವಿಷಯ. ದ್ವಿಪಕ್ಷೀಯ ಮಾತುಕತೆಗಳು ಸ್ಥಗಿತಗೊಂಡಿವೆ.
ಅವರನ್ನು ಕ್ರಮಗಳನ್ನು ತೆಗೆದುಕೊಳ್ಳುವುದೆ ಎಂಬ ಸೇನಾ ಮುಖ್ಯಸ್ಥರ ಹೇಳಿಕೆ ಗಮನಾರ್ಹ. ಬಾಂಗ್ಲಾದೇಶದ ಹೊಸ ಸಂವಿಧಾನ ರಚನೆ ಮತ್ತು ಚುನಾವಣಾ ಸುಧಾರಣೆಗಳ ಬಗ್ಗೆ ಚರ್ಚೆ ನಡೆಯುತ್ತಿದೆ. ಆದರೆ ನಿರ್ಧಾರ ತೆಗೆದುಕೊಳ್ಳುವಲ್ಲಿ ವಿಳಂಬವಾಗುತ್ತಿದೆ.
ಉದ್ಭೋಗಳಿಗೆ ಮರುಕ
ಡಿಸೆಂಬರ್ 2025ರೊಳಗೆ ಚುನಾವಣೆ ನಡೆಸಬೇಕೆಂದು ಸೇನಾ ಮುಖ್ಯಸ್ಥರು ಒತ್ತಾಯಿಸಿದ್ದಾರೆ. ಆದರೆ ಯೂನಸ್ ಅವರು ಏಪ್ರಿಲ್ 2026ರವರೆಗೆ ಸಮಯ ಕೇಳಿದ್ದಾರೆ. ಈ ಭಿನ್ನಾಭಿಪ್ರಾಯವು ಮತ್ತಷ್ಟು ಅಸ್ಥಿರತೆಗೆ ಕಾರಣವಾಗಬಹುದು.
ಕಳೆದ ವರ್ಷದ ಜುಲೈನಲ್ಲಿ ನಡೆದ ವಿದ್ಯಾರ್ಥಿ ಚಳವಳಿಯ ಬಳಿಕ ದೇಶದ ಆರ್ಥಿಕತೆ ಸಂಕಷ್ಟಕ್ಕೆ ಸಿಲುಕಿದೆ. ಗಾರ್ಮೆಂಟ್ಸ್ ಉದ್ಯಮವು ತೀವ್ರ ಹಿನ್ನಡೆ ಅನುಭವಿಸಿದೆ. ವಿದೇಶಿ ಹೂಡಿಕೆ ಕುಸಿದಿದೆ. ಹಣದುಬ್ಬರ ಏರಿಕೆಯಾಗಿದೆ.
ಭಾರತವು ಬಾಂಗ್ಲಾದೇಶದ ಸ್ಥಿರತೆಯನ್ನು ಬಯಸುತ್ತದೆ. ಆದರೆ ಸದ್ಯದ ಬೆಳವಣಿಗೆಗಳು ಆಶಾದಾಯಕವಾಗಿಲ್ಲ. ಪ್ರಜಾಪ್ರಭುತ್ವದ ಮರುಸ್ಥಾಪನೆ ಮತ್ತು ಅಲ್ಪಸಂಖ್ಯಾತರ ರಕ್ಷಣೆ ಭಾರತದ ಪ್ರಮುಖ ಕಾಳಜಿಗಳು. ಈ ತುಮುಲ ಎಂದು ಕೊನೆಗೊಳ್ಳುವುದೋ ಕಾದು ನೋಡಬೇಕು.
ಬಾಂಗ್ಲಾದ ಜನತೆ ಶಾಂತಿ ಮತ್ತು ಸ್ಥಿರತೆಗಾಗಿ ಹಾತೊರೆಯುತ್ತಿದ್ದಾರೆ. ಭಾರತಕ್ಕೂ ನೆರೆಯ ದೇಶದ ಸ್ಥಿರತೆ ಮುಖ್ಯ. ಆದರೆ ಸದ್ಯದ ಸ್ಥಿತಿಯಲ್ಲಿ ಪರಿಹಾರ ಕಾಣುತ್ತಿಲ್ಲ.
ಡಿಸೆಂಬರ್ 2025ರೊಳಗೆ ಚುನಾವಣೆ ನಡೆಸಬೇಕೆಂದು ಸೇನಾ ಮುಖ್ಯಸ್ಥರು ಒತ್ತಾಯಿಸಿದ್ದಾರೆ. ಆದರೆ ಯೂನಸ್ ಅವರು ಏಪ್ರಿಲ್ 2026ರವರೆಗೆ ಸಮಯ ಕೇಳಿದ್ದಾರೆ. ಈ ಭಿನ್ನಾಭಿಪ್ರಾಯವು ಮತ್ತಷ್ಟು ಅಸ್ಥಿರತೆಗೆ ಕಾರಣವಾಗಬಹುದು.
ಕಳೆದ ವರ್ಷದ ಜುಲೈನಲ್ಲಿ ನಡೆದ ವಿದ್ಯಾರ್ಥಿ ಚಳವಳಿಯ ಬಳಿಕ ದೇಶದ ಆರ್ಥಿಕತೆ ಸಂಕಷ್ಟಕ್ಕೆ ಸಿಲುಕಿದೆ. ಗಾರ್ಮೆಂಟ್ಸ್ ಉದ್ಯಮವು ತೀವ್ರ ಹಿನ್ನಡೆ ಅನುಭವಿಸಿದೆ. ವಿದೇಶಿ ಹೂಡಿಕೆ ಕುಸಿದಿದೆ. ಹಣದುಬ್ಬರ ಏರಿಕೆಯಾಗಿದೆ.
ಸೆಕೆಂಡಿಗೆ 67 ಮಿಲಿಯ ಹಾಡು ಡೌನ್‌ಲೋಡ್: ಇದು ಜಪಾನ್‌ನ ‘ಪೆಟಾಬಿಟ್’ ಸಾಮರ್ಥ್ಯ
• ರಾಜು ಭೂಶೆಟ್ಟಿ ಹುಬ್ಬಳ್ಳಿ
ಇ ವರೆಗಿನ ಬುಲೆಟ್ ಟ್ರೈನ್‌ಗಳ ಮೂಲಕ ತಂತ್ರಜ್ಞಾನದಲ್ಲಿ ಜಪಾನ್ ದೇಶವು ಜಗತ್ತಿಗೆ ಮಾದರಿಯಾಗಿತ್ತು. ಇದೀಗ ಇಂಟರ್ನೆಟ್ ವೇಗದಲ್ಲೂ ಹೊಸ ದಾಖಲೆ ನಿರ್ಮಿಸಿದೆ. ಜಪಾನ್‌ನ ನ್ಯಾಷನಲ್ ಇನ್‌ಸ್ಟಿಟ್ಯೂಟ್ ಆಫ್ ಇನ್ಫರ್ಮೇಷನ್ ಅಂಡ್ ಕಮ್ಯುನಿಕೇಷನ್ಸ್ ಟೆಕ್ನಾಲಜಿ (ಎನ್‌ಐಸಿಟಿ) ಸಂಸ್ಥೆಯು ಸೆಕೆಂಡಿಗೆ 1.02 ಪೆಟಾಬಿಟ್ ವೇಗದ ಇಂಟರ್ನೆಟ್ ಸಾಧಿಸಿದೆ.
ಇದು ಭಾರತದ ಸರಾಸರಿ ಇಂಟರ್ನೆಟ್ ವೇಗಕ್ಕಿಂತ ಸುಮಾರು 1.6 ಕೋಟಿ ಪಟ್ಟು ಹೆಚ್ಚು. ಅಮೆರಿಕದ ಸರಾಸರಿ ವೇಗಕ್ಕಿಂತ 35 ಲಕ್ಷ ಪಟ್ಟು ಹೆಚ್ಚು. ಈ ವೇಗದಲ್ಲಿ ಸೆಕೆಂಡಿಗೆ 67 ಮಿಲಿಯ ಹಾಡುಗಳನ್ನು ಡೌನ್‌ಲೋಡ್ ಮಾಡಬಹುದು. 1,27,000 ವರ್ಷಗಳಷ್ಟು ಕಾಲ ಕೇಳಬಹುದಾದ ಹಾಡುಗಳು ಒಂದೇ ಸೆಕೆಂಡಿನಲ್ಲಿ!
ವರೆಗಿನ ಬುಲೆಟ್ ಟ್ರೈನ್‌ಗಳ ಮೂಲಕ ತಂತ್ರಜ್ಞಾನದಲ್ಲಿ ಜಪಾನ್ ದೇಶವು ಜಗತ್ತಿಗೆ ಮಾದರಿಯಾಗಿತ್ತು. ಇದೀಗ ಇಂಟರ್ನೆಟ್ ವೇಗದಲ್ಲೂ ಹೊಸ ದಾಖಲೆ ನಿರ್ಮಿಸಿದೆ. ಜಪಾನ್‌ನ ನ್ಯಾಷನಲ್ ಇನ್‌ಸ್ಟಿಟ್ಯೂಟ್ ಆಫ್ ಇನ್ಫರ್ಮೇಷನ್ ಅಂಡ್ ಕಮ್ಯುನಿಕೇಷನ್ಸ್ ಟೆಕ್ನಾಲಜಿ (ಎನ್‌ಐಸಿಟಿ) ಸಂಸ್ಥೆಯು ಸೆಕೆಂಡಿಗೆ 1.02 ಪೆಟಾಬಿಟ್ ವೇಗದ ಇಂಟರ್ನೆಟ್ ಸಾಧಿಸಿದೆ.
ಈ ವೇಗವು ಜಗತ್ತಿನಲ್ಲೇ ಅತ್ಯಧಿಕ. ಹಿಂದಿನ ದಾಖಲೆಗಳನ್ನು ಮುರಿದಿದೆ. ಇದಕ್ಕಾಗಿ ವಿಶೇಷ ಆಪ್ಟಿಕಲ್ ಫೈಬರ್ ಕೇಬಲ್ ಬಳಸಲಾಗಿದೆ. ಸಾಮಾನ್ಯ ಕೇಬಲ್‌ನಲ್ಲಿ ಒಂದು ಕೋರ್ ಇದ್ದರೆ, ಇದರಲ್ಲಿ 19 ಕೋರ್‌ಗಳಿವೆ. ಆದರೂ ಇದರ ದಪ್ಪ ಸಾಮಾನ್ಯ ಕೇಬಲ್‌ನಷ್ಟೇ.
ಈ ತಂತ್ರಜ್ಞಾನದ ಮೂಲಕ 1,808 ಕಿಲೋಮೀಟರ್ ದೂರಕ್ಕೆ ದತ್ತಾಂಶ ರವಾನಿಸಲಾಗಿದೆ. ಇದು ಭವಿಷ್ಯದ 6ಜಿ ನೆಟ್‌ವರ್ಕ್‌ಗೆ ದಾರಿ ತೋರಿಸುತ್ತದೆ. ಕೃತಕ ಬುದ್ಧಿಮತ್ತೆ, ಕ್ಲೌಡ್ ಕಂಪ್ಯೂಟಿಂಗ್ ಮತ್ತು ವರ್ಚುವಲ್ ರಿಯಾಲಿಟಿಯಂತಹ ಕ್ಷೇತ್ರಗಳಿಗೆ ಇದು ವರದಾನವಾಗಲಿದೆ.
ಈ ವೇಗವು ಜಗತ್ತಿನಲ್ಲೇ ಅತ್ಯಧಿಕ. ಹಿಂದಿನ ದಾಖಲೆಗಳನ್ನು ಮುರಿದಿದೆ. ಇದಕ್ಕಾಗಿ ವಿಶೇಷ ಆಪ್ಟಿಕಲ್ ಫೈಬರ್ ಕೇಬಲ್ ಬಳಸಲಾಗಿದೆ. ಸಾಮಾನ್ಯ ಕೇಬಲ್‌ನಲ್ಲಿ ಒಂದು ಕೋರ್ ಇದ್ದರೆ, ಇದರಲ್ಲಿ 19 ಕೋರ್‌ಗಳಿವೆ. ಆದರೂ ಇದರ ದಪ್ಪ ಸಾಮಾನ್ಯ ಕೇಬಲ್‌ನಷ್ಟೇ.
ಈ ತಂತ್ರಜ್ಞಾನದ ಮೂಲಕ 1,808 ಕಿಲೋಮೀಟರ್ ದೂರಕ್ಕೆ ದತ್ತಾಂಶ ರವಾನಿಸಲಾಗಿದೆ. ಇದು ಭವಿಷ್ಯದ 6ಜಿ ನೆಟ್‌ವರ್ಕ್‌ಗೆ ದಾರಿ ತೋರಿಸುತ್ತದೆ. ಕೃತಕ ಬುದ್ಧಿಮತ್ತೆ, ಕ್ಲೌಡ್ ಕಂಪ್ಯೂಟಿಂಗ್ ಮತ್ತು ವರ್ಚುವಲ್ ರಿಯಾಲಿಟಿಯಂತಹ ಕ್ಷೇತ್ರಗಳಿಗೆ ಇದು ವರದಾನವಾಗಲಿದೆ.
ಒಟ್ಟು 1,800 ಕಿಮೀ ದೂರಕ್ಕೆ ದತ್ತಾಂಶ ರವಾನೆ
ಜಪಾನ್ ಜಗತ್ತಿನ ತಂತ್ರಜ್ಞಾನದ ಭವಿಷ್ಯಕ್ಕೆ ದಿಕ್ಕು ತೋರುತ್ತಿದೆ. ಈ ಪ್ರಯೋಗ ಯಶಸ್ವಿಯಾದರೆ ಅಂತರ್ಜಾಲ ಬಳಕೆಯ ಸ್ವರೂಪವೇ ಬದಲಾಗಲಿದೆ.
ಭಾರತದಲ್ಲಿಯೂ ಇಂಟರ್ನೆಟ್ ವೇಗ ಹೆಚ್ಚಿಸುವ ಪ್ರಯತ್ನಗಳು ನಡೆಯುತ್ತಿವೆ. 5ಜಿ ಸೇವೆ ವ್ಯಾಪಕವಾಗುತ್ತಿದೆ. ಆದರೂ ಜಪಾನ್‌ನ ಈ ಸಾಧನೆ ಇಡೀ ಜಗತ್ತಿಗೆ ಸ್ಫೂರ್ತಿ. ಮುಂದಿನ ದಿನಗಳಲ್ಲಿ ನಾವು ಇಂತಹ ವೇಗವನ್ನು ಅನುಭವಿಸುವ ದಿನ ದೂರವಿಲ್ಲ.
ಸರ್ವರ್‌ಗಳ ನಡುವಿನ ದತ್ತಾಂಶ ವರ್ಗಾವಣೆ, ವೈದ್ಯಕೀಯ ಕ್ಷೇತ್ರ, ಶಿಕ್ಷಣ ಮತ್ತು ಮನರಂಜನೆ ಕ್ಷೇತ್ರಗಳಲ್ಲಿ ಇದು ಕ್ರಾಂತಿ ತರಲಿದೆ. ಆದರೆ ಇದು ಸಾಮಾನ್ಯ ಬಳಕೆದಾರರಿಗೆ ತಲುಪಲು ಇನ್ನೂ ಹಲವು ವರ್ಷಗಳು ಬೇಕು. ದುಬಾರಿ ಮೂಲಸೌಕರ್ಯ ಇದಕ್ಕೆ ಅಡ್ಡಿ.
ಭಾರತದಲ್ಲಿಯೂ ಇಂಟರ್ನೆಟ್ ವೇಗ ಹೆಚ್ಚಿಸುವ ಪ್ರಯತ್ನಗಳು ನಡೆಯುತ್ತಿವೆ. 5ಜಿ ಸೇವೆ ವ್ಯಾಪಕವಾಗುತ್ತಿದೆ. ಆದರೂ ಜಪಾನ್‌ನ ಈ ಸಾಧನೆ ಇಡೀ ಜಗತ್ತಿಗೆ ಸ್ಫೂರ್ತಿ. ಮುಂದಿನ ದಿನಗಳಲ್ಲಿ ನಾವು ಇಂತಹ ವೇಗವನ್ನು ಅನುಭವಿಸುವ ದಿನ ದೂರವಿಲ್ಲ.
ಸರ್ವರ್‌ಗಳ ನಡುವಿನ ದತ್ತಾಂಶ ವರ್ಗಾವಣೆ, ವೈದ್ಯಕೀಯ ಕ್ಷೇತ್ರ, ಶಿಕ್ಷಣ ಮತ್ತು ಮನರಂಜನೆ ಕ್ಷೇತ್ರಗಳಲ್ಲಿ ಇದು ಕ್ರಾಂತಿ ತರಲಿದೆ. ಆದರೆ ಇದು ಸಾಮಾನ್ಯ ಬಳಕೆದಾರರಿಗೆ ತಲುಪಲು ಇನ್ನೂ ಹಲವು ವರ್ಷಗಳು ಬೇಕು. ದುಬಾರಿ ಮೂಲಸೌಕರ್ಯ ಇದಕ್ಕೆ ಅಡ್ಡಿ.
ಭಾರತದಲ್ಲಿಯೂ ಇಂಟರ್ನೆಟ್ ವೇಗ ಹೆಚ್ಚಿಸುವ ಪ್ರಯತ್ನಗಳು ನಡೆಯುತ್ತಿವೆ. 5ಜಿ ಸೇವೆ ವ್ಯಾಪಕವಾಗುತ್ತಿದೆ. ಆದರೂ ಜಪಾನ್‌ನ ಈ ಸಾಧನೆ ಇಡೀ ಜಗತ್ತಿಗೆ ಸ್ಫೂರ್ತಿ. ಮುಂದಿನ ದಿನಗಳಲ್ಲಿ ನಾವು ಇಂತಹ ವೇಗವನ್ನು ಅನುಭವಿಸುವ ದಿನ ದೂರವಿಲ್ಲ.
ವೇಗವಾದ ಕಲೆಕ್ಷನ್ ಆಗುತ್ತಿರುವುದು. ಇದು ಹೆಚ್ಚಿನ ದತ್ತಾಂಶವನ್ನು ಕಡಿಮೆ ಸಮಯದಲ್ಲಿ ರವಾನಿಸುತ್ತದೆ.
ಏನಿದು ಪೆಟಾಬಿಟ್?
1 ಪೆಟಾಬಿಟ್ (ಪಿಬಿ) = 1,000,000,000,000,000 ಬಿಟ್ಸ್
1 ಕ್ವಾಡ್ರಿಲಿಯನ್ ಬಿಟ್ (ಅಂದರೆ 10¹⁵) = 1 ಪಿಬಿ
1 ಕಿಲೋಬಿಟ್ = 1,000 ಬಿಟ್
1 ಮೆಗಾಬಿಟ್ = 1,000,000 ಬಿಟ್
1 ಗಿಗಾಬಿಟ್ = 1,000,000,000 ಬಿಟ್
1 ಟೆರಾಬಿಟ್ = 1,000,000,000,000 ಬಿಟ್
1 ಪೆಟಾಬಿಟ್ = 1,000,000,000,000,000 ಬಿಟ್
ಎಲ್ಲ ಮಾಹಿತಿಯನ್ನು ಕ್ಲಿಕ್ ಮಾಡುವಷ್ಟರಲ್ಲಿ ಡೌನ್‌ಲೋಡ್ ಮಾಡಲು ಸಾಧ್ಯವಾಗುತ್ತದೆ. ಇದು ಹೊಸ ಯುಗದ ಆರಂಭ.
